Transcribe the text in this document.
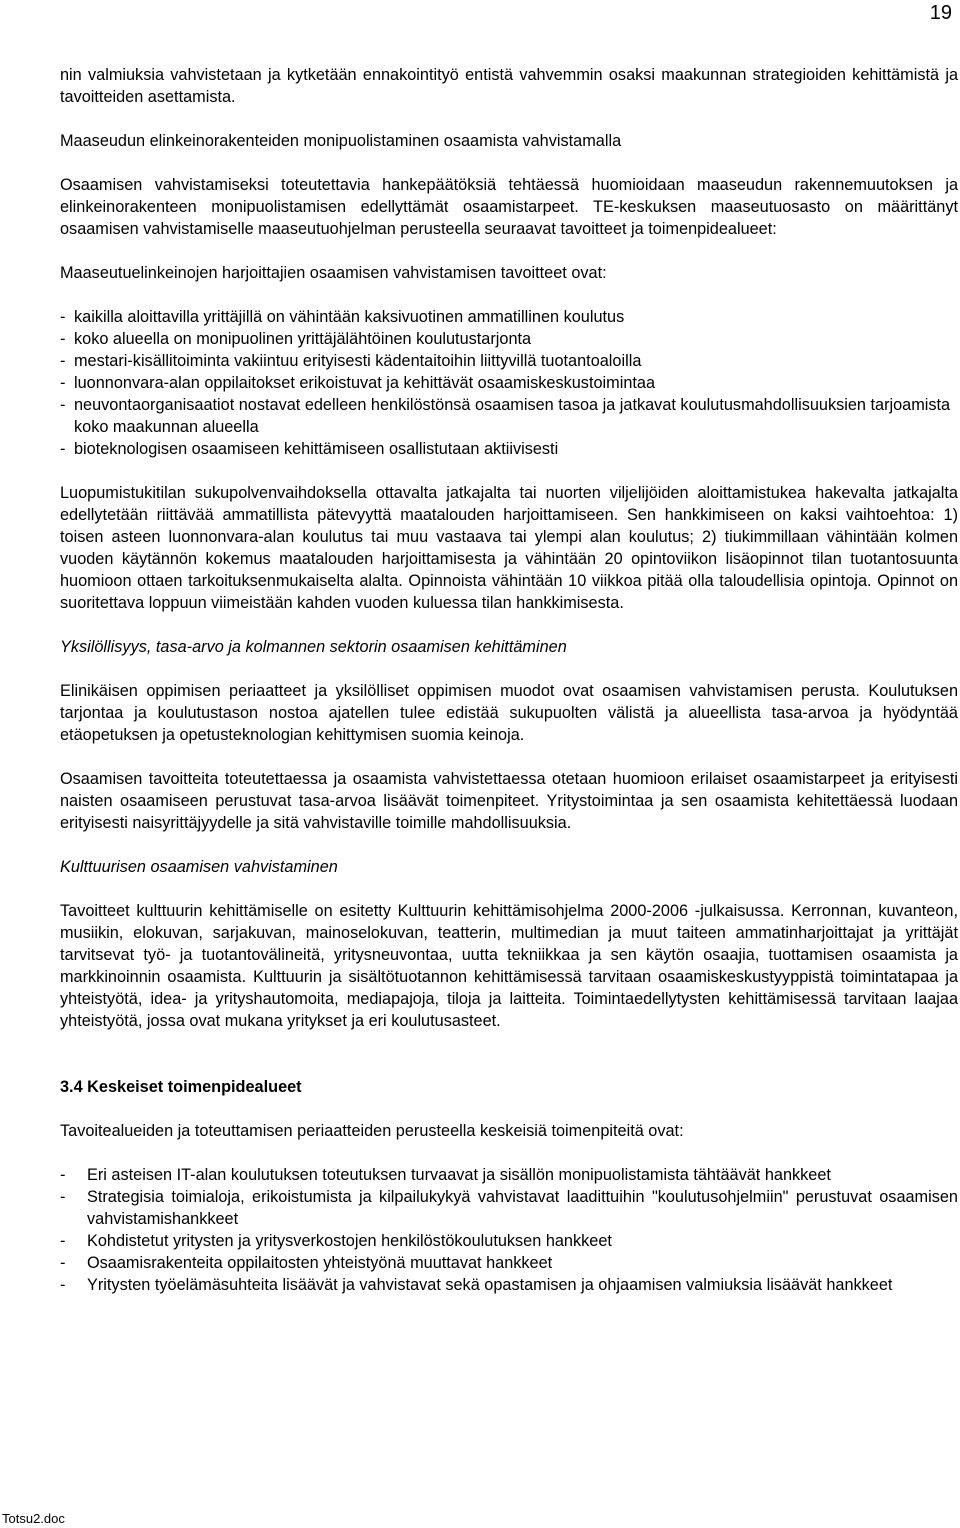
19

nin valmiuksia vahvistetaan ja kytketään ennakointityö entistä vahvemmin osaksi maakunnan strategioiden kehittämistä ja tavoitteiden asettamista.

Maaseudun elinkeinorakenteiden monipuolistaminen osaamista vahvistamalla

Osaamisen vahvistamiseksi toteutettavia hankepäätöksiä tehtäessä huomioidaan maaseudun rakennemuutoksen ja elinkeinorakenteen monipuolistamisen edellyttämät osaamistarpeet. TE-keskuksen maaseutuosasto on määrittänyt osaamisen vahvistamiselle maaseutuohjelman perusteella seuraavat tavoitteet ja toimenpidealueet:

Maaseutuelinkeinojen harjoittajien osaamisen vahvistamisen tavoitteet ovat:

- kaikilla aloittavilla yrittäjillä on vähintään kaksivuotinen ammatillinen koulutus
- koko alueella on monipuolinen yrittäjälähtöinen koulutustarjonta
- mestari-kisällitoiminta vakiintuu erityisesti kädentaitoihin liittyvillä tuotantoaloilla
- luonnonvara-alan oppilaitokset erikoistuvat ja kehittävät osaamiskeskustoimintaa
- neuvontaorganisaatiot nostavat edelleen henkilöstönsä osaamisen tasoa ja jatkavat koulutusmahdollisuuksien tarjoamista koko maakunnan alueella
- bioteknologisen osaamiseen kehittämiseen osallistutaan aktiivisesti

Luopumistukitilan sukupolvenvaihdoksella ottavalta jatkajalta tai nuorten viljelijöiden aloittamistukea hakevalta jatkajalta edellytetään riittävää ammatillista pätevyyttä maatalouden harjoittamiseen. Sen hankkimiseen on kaksi vaihtoehtoa: 1) toisen asteen luonnonvara-alan koulutus tai muu vastaava tai ylempi alan koulutus; 2) tiukimmillaan vähintään kolmen vuoden käytännön kokemus maatalouden harjoittamisesta ja vähintään 20 opintoviikon lisäopinnot tilan tuotantosuunta huomioon ottaen tarkoituksenmukaiselta alalta. Opinnoista vähintään 10 viikkoa pitää olla taloudellisia opintoja. Opinnot on suoritettava loppuun viimeistään kahden vuoden kuluessa tilan hankkimisesta.

Yksilöllisyys, tasa-arvo ja kolmannen sektorin osaamisen kehittäminen

Elinikäisen oppimisen periaatteet ja yksilölliset oppimisen muodot ovat osaamisen vahvistamisen perusta. Koulutuksen tarjontaa ja koulutustason nostoa ajatellen tulee edistää sukupuolten välistä ja alueellista tasa-arvoa ja hyödyntää etäopetuksen ja opetusteknologian kehittymisen suomia keinoja.

Osaamisen tavoitteita toteutettaessa ja osaamista vahvistettaessa otetaan huomioon erilaiset osaamistarpeet ja erityisesti naisten osaamiseen perustuvat tasa-arvoa lisäävät toimenpiteet. Yritystoimintaa ja sen osaamista kehitettäessä luodaan erityisesti naisyrittäjyydelle ja sitä vahvistaville toimille mahdollisuuksia.

Kulttuurisen osaamisen vahvistaminen

Tavoitteet kulttuurin kehittämiselle on esitetty Kulttuurin kehittämisohjelma 2000-2006 -julkaisussa. Kerronnan, kuvanteon, musiikin, elokuvan, sarjakuvan, mainoselokuvan, teatterin, multimedian ja muut taiteen ammatinharjoittajat ja yrittäjät tarvitsevat työ- ja tuotantovälineitä, yritysneuvontaa, uutta tekniikkaa ja sen käytön osaajia, tuottamisen osaamista ja markkinoinnin osaamista. Kulttuurin ja sisältötuotannon kehittämisessä tarvitaan osaamiskeskustyyppistä toimintatapaa ja yhteistyötä, idea- ja yrityshautomoita, mediapajoja, tiloja ja laitteita. Toimintaedellytysten kehittämisessä tarvitaan laajaa yhteistyötä, jossa ovat mukana yritykset ja eri koulutusasteet.

3.4 Keskeiset toimenpidealueet

Tavoitealueiden ja toteuttamisen periaatteiden perusteella keskeisiä toimenpiteitä ovat:

- Eri asteisen IT-alan koulutuksen toteutuksen turvaavat ja sisällön monipuolistamista tähtäävät hankkeet
- Strategisia toimialoja, erikoistumista ja kilpailukykyä vahvistavat laadittuihin "koulutusohjelmiin" perustuvat osaamisen vahvistamishankkeet
- Kohdistetut yritysten ja yritysverkostojen henkilöstökoulutuksen hankkeet
- Osaamisrakenteita oppilaitosten yhteistyönä muuttavat hankkeet
- Yritysten työelämäsuhteita lisäävät ja vahvistavat sekä opastamisen ja ohjaamisen valmiuksia lisäävät hankkeet
Totsu2.doc
